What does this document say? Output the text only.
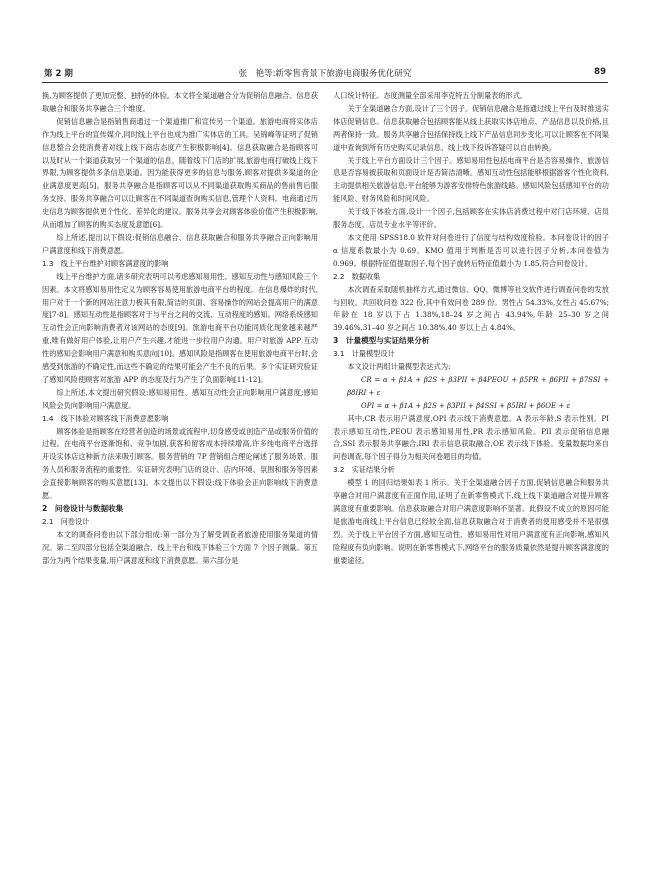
第 2 期	张　艳等:新零售背景下旅游电商服务优化研究	89

换,为顾客提供了更加完整、独特的体验。本文将全渠道融合分为促销信息融合、信息获取融合和服务共享融合三个维度。

促销信息融合是指销售商通过一个渠道推广和宣传另一个渠道。旅游电商将实体店作为线上平台的宣传媒介,同时线上平台也成为推广实体店的工具。吴锦峰等证明了促销信息整合会使消费者对线上线下商店态度产生积极影响[4]。信息获取融合是指顾客可以及时从一个渠道获取另一个渠道的信息。随着线下门店的扩展,旅游电商打破线上线下界限,为顾客提供多条信息渠道。因为能获得更多的信息与服务,顾客对提供多渠道的企业满意度更高[5]。服务共享融合是指顾客可以从不同渠道获取购买商品的售前售后服务支持。服务共享融合可以让顾客在不同渠道查询购买信息,管理个人资料。电商通过历史信息为顾客提供更个性化、差异化的建议。服务共享会对顾客体验价值产生积极影响,从而增加了顾客的购买态度及意愿[6]。

综上所述,提出以下假设:促销信息融合、信息获取融合和服务共享融合正向影响用户满意度和线下消费意愿。

1.3　线上平台维护对顾客满意度的影响

线上平台维护方面,诸多研究表明可以考虑感知易用性、感知互动性与感知风险三个因素。本文将感知易用性定义为顾客容易使用旅游电商平台的程度。在信息爆炸的时代,用户对于一个新的网站注意力极其有限,简洁的页面、容易操作的网站会提高用户的满意度[7-8]。感知互动性是指顾客对于与平台之间的交流、互动程度的感知。网络系统感知互动性会正向影响消费者对该网站的态度[9]。旅游电商平台功能同质化现象越来越严重,唯有做好用户体验,让用户产生兴趣,才能进一步拉用户沟通。用户对旅游 APP 互动性的感知会影响用户满意和购买意向[10]。感知风险是指顾客在使用旅游电商平台时,会感受到旅游的不确定性,而这些不确定的结果可能会产生不良的后果。多个实证研究验证了感知风险使顾客对旅游 APP 的态度及行为产生了负面影响[11-12]。

综上所述,本文提出研究假设:感知易用性、感知互动性会正向影响用户满意度;感知风险会负向影响用户满意度。

1.4　线下体验对顾客线下消费意愿影响

顾客体验是指顾客在经营者创造的场景或流程中,切身感受或创造产品或服务价值的过程。在电商平台逐渐饱和、竞争加剧,获客和留客成本持续增高,许多纯电商平台选择开设实体店这种新方法来吸引顾客。服务营销的 7P 营销组合理论阐述了服务场景、服务人员和服务流程的重要性。实证研究表明门店的设计、店内环境、氛围和服务等因素会直接影响顾客的购买意愿[13]。本文提出以下假设:线下体验会正向影响线下消费意愿。

2　问卷设计与数据收集
2.1　问卷设计

本文的调查问卷由以下部分组成:第一部分为了解受调查者旅游使用服务渠道的情况。第二至四部分包括全渠道融合、线上平台和线下体验三个方面 7 个因子测量。第五部分为两个结果变量,用户满意度和线下消费意愿。第六部分是

人口统计特征。态度测量全部采用李克特五分制量表的形式。

关于全渠道融合方面,设计了三个因子。促销信息融合是指通过线上平台及时推送实体店促销信息。信息获取融合包括顾客能从线上获取实体店地点、产品信息以及价格,且两者保持一致。服务共享融合包括保持线上线下产品信息同步变化,可以让顾客在不同渠道中查询到所有历史购买记录信息、线上线下投诉答疑可以自由转换。

关于线上平台方面设计三个因子。感知易用性包括电商平台是否容易操作、旅游信息是否容易被获取和页面设计是否简洁清晰。感知互动性包括能够根据游客个性化资料,主动提供相关旅游信息;平台能够为游客安排特色旅游线路。感知风险包括感知平台的功能风险、财务风险和时间风险。

关于线下体验方面,设计一个因子,包括顾客在实体店消费过程中对门店环境、店员服务态度、店员专业水平等评价。

本文使用 SPSS18.0 软件对问卷进行了信度与结构效度检验。本问卷设计的因子 α 信度系数最小为 0.69。KMO 值用于判断是否可以进行因子分析,本问卷值为 0.969。根据特征值提取因子,每个因子旋转后特征值最小为 1.85,符合问卷设计。

2.2　数据收集

本次调查采取随机抽样方式,通过微信、QQ、微博等社交软件进行调查问卷的发放与回收。共回收问卷 322 份,其中有效问卷 289 份。男性占 54.33%,女性占 45.67%;年龄在 18 岁以下占 1.38%,18–24 岁之间占 43.94%,年龄 25–30 岁之间 39.46%,31–40 岁之间占 10.38%,40 岁以上占 4.84%。

3　计量模型与实证结果分析
3.1　计量模型设计

本文设计两组计量模型表达式为:

CR = α + β1A + β2S + β3PII + β4PEOU + β5PR + β6PII + β7SSI + β8IRI + ε

OPI = α + β1A + β2S + β3PII + β4SSI + β5IRI + β6OE + ε

其中,CR 表示用户满意度,OPI 表示线下消费意愿。A 表示年龄,S 表示性别。PI 表示感知互动性,PEOU 表示感知易用性,PR 表示感知风险。PII 表示促销信息融合,SSI 表示服务共享融合,IRI 表示信息获取融合,OE 表示线下体验。变量数据均来自问卷调查,每个因子得分为相关问卷题目的均值。

3.2　实证结果分析

模型 1 的回归结果如表 1 所示。关于全渠道融合因子方面,促销信息融合和服务共享融合对用户满意度有正面作用,证明了在新零售模式下,线上线下渠道融合对提升顾客满意度有重要影响。信息获取融合对用户满意度影响不显著。此假设不成立的原因可能是旅游电商线上平台信息已经较全面,信息获取融合对于消费者的使用感受并不是很强烈。关于线上平台因子方面,感知互动性、感知易用性对用户满意度有正向影响,感知风险程度有负向影响。说明在新零售模式下,网络平台的服务质量依然是提升顾客满意度的重要途径。
